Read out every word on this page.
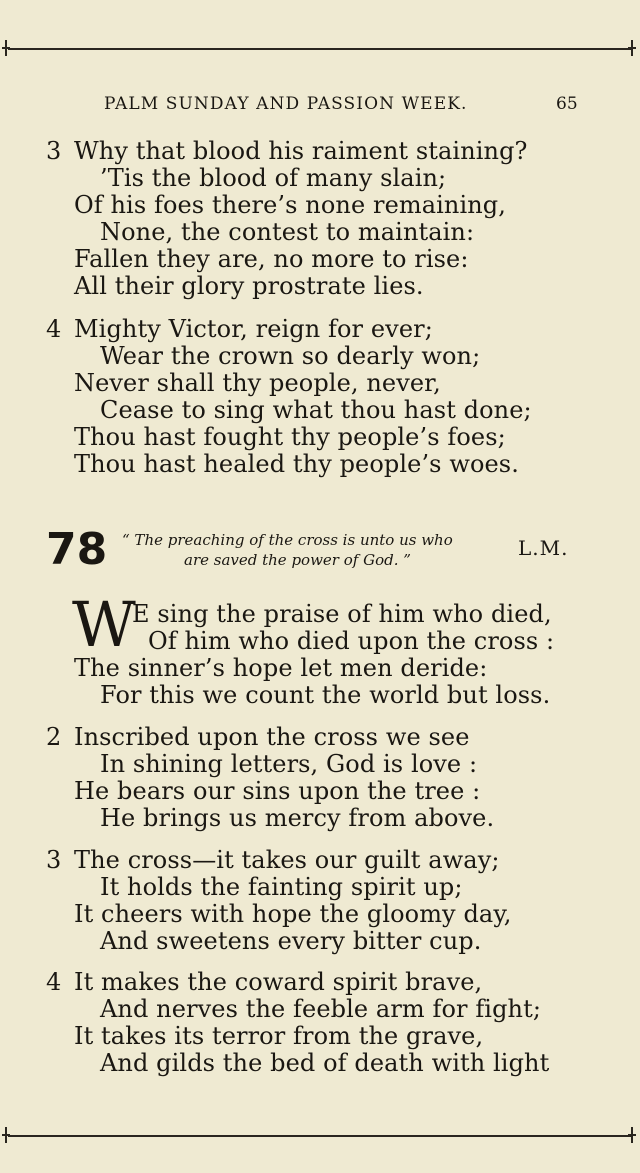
PALM SUNDAY AND PASSION WEEK.	65
3 Why that blood his raiment staining?
’Tis the blood of many slain;
Of his foes there’s none remaining,
None, the contest to maintain:
Fallen they are, no more to rise:
All their glory prostrate lies.
4 Mighty Victor, reign for ever;
Wear the crown so dearly won;
Never shall thy people, never,
Cease to sing what thou hast done;
Thou hast fought thy people’s foes;
Thou hast healed thy people’s woes.
78 “ The preaching of the cross is unto us who
are saved the power of God. ”	L.M.
W
E sing the praise of him who died,
Of him who died upon the cross :
The sinner’s hope let men deride:
For this we count the world but loss.
2 Inscribed upon the cross we see
In shining letters, God is love :
He bears our sins upon the tree :
He brings us mercy from above.
3 The cross—it takes our guilt away;
It holds the fainting spirit up;
It cheers with hope the gloomy day,
And sweetens every bitter cup.
4 It makes the coward spirit brave,
And nerves the feeble arm for fight;
It takes its terror from the grave,
And gilds the bed of death with light
